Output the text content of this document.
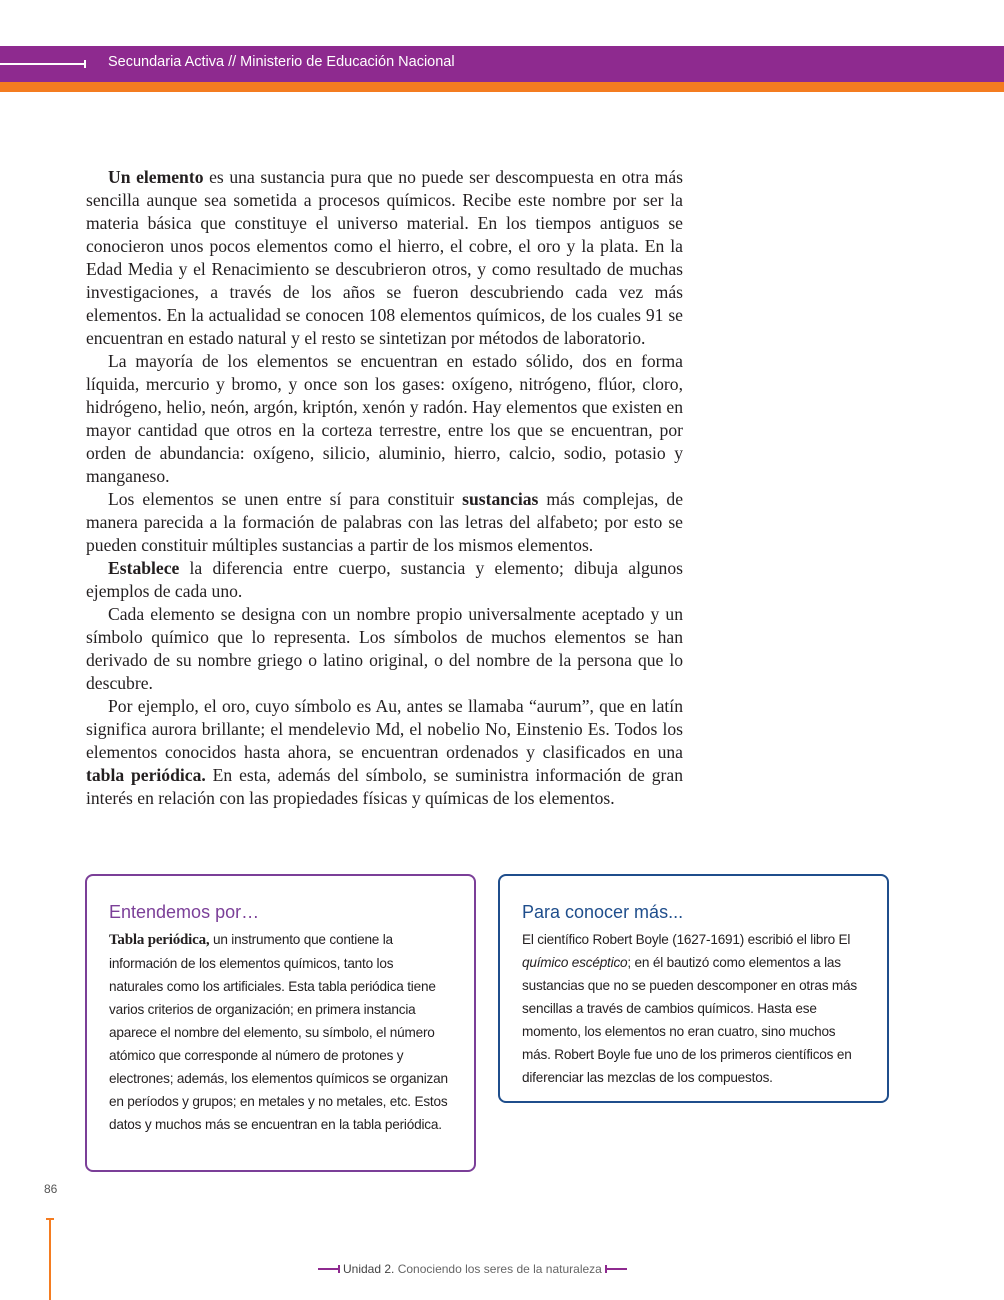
Secundaria Activa // Ministerio de Educación Nacional

Un elemento es una sustancia pura que no puede ser descompuesta en otra más sencilla aunque sea sometida a procesos químicos. Recibe este nombre por ser la materia básica que constituye el universo material. En los tiempos antiguos se conocieron unos pocos elementos como el hierro, el cobre, el oro y la plata. En la Edad Media y el Renacimiento se descubrieron otros, y como resultado de muchas investigaciones, a través de los años se fueron descubriendo cada vez más elementos. En la actualidad se conocen 108 elementos químicos, de los cuales 91 se encuentran en estado natural y el resto se sintetizan por métodos de laboratorio.

La mayoría de los elementos se encuentran en estado sólido, dos en forma líquida, mercurio y bromo, y once son los gases: oxígeno, nitrógeno, flúor, cloro, hidrógeno, helio, neón, argón, kriptón, xenón y radón. Hay elementos que existen en mayor cantidad que otros en la corteza terrestre, entre los que se encuentran, por orden de abundancia: oxígeno, silicio, aluminio, hierro, calcio, sodio, potasio y manganeso.

Los elementos se unen entre sí para constituir sustancias más complejas, de manera parecida a la formación de palabras con las letras del alfabeto; por esto se pueden constituir múltiples sustancias a partir de los mismos elementos.

Establece la diferencia entre cuerpo, sustancia y elemento; dibuja algunos ejemplos de cada uno.

Cada elemento se designa con un nombre propio universalmente aceptado y un símbolo químico que lo representa. Los símbolos de muchos elementos se han derivado de su nombre griego o latino original, o del nombre de la persona que lo descubre.

Por ejemplo, el oro, cuyo símbolo es Au, antes se llamaba “aurum”, que en latín significa aurora brillante; el mendelevio Md, el nobelio No, Einstenio Es. Todos los elementos conocidos hasta ahora, se encuentran ordenados y clasificados en una tabla periódica. En esta, además del símbolo, se suministra información de gran interés en relación con las propiedades físicas y químicas de los elementos.

Entendemos por…
Tabla periódica, un instrumento que contiene la información de los elementos químicos, tanto los naturales como los artificiales. Esta tabla periódica tiene varios criterios de organización; en primera instancia aparece el nombre del elemento, su símbolo, el número atómico que corresponde al número de protones y electrones; además, los elementos químicos se organizan en períodos y grupos; en metales y no metales, etc. Estos datos y muchos más se encuentran en la tabla periódica.
Para conocer más...
El científico Robert Boyle (1627-1691) escribió el libro El químico escéptico; en él bautizó como elementos a las sustancias que no se pueden descomponer en otras más sencillas a través de cambios químicos. Hasta ese momento, los elementos no eran cuatro, sino muchos más. Robert Boyle fue uno de los primeros científicos en diferenciar las mezclas de los compuestos.
86
Unidad 2. Conociendo los seres de la naturaleza
